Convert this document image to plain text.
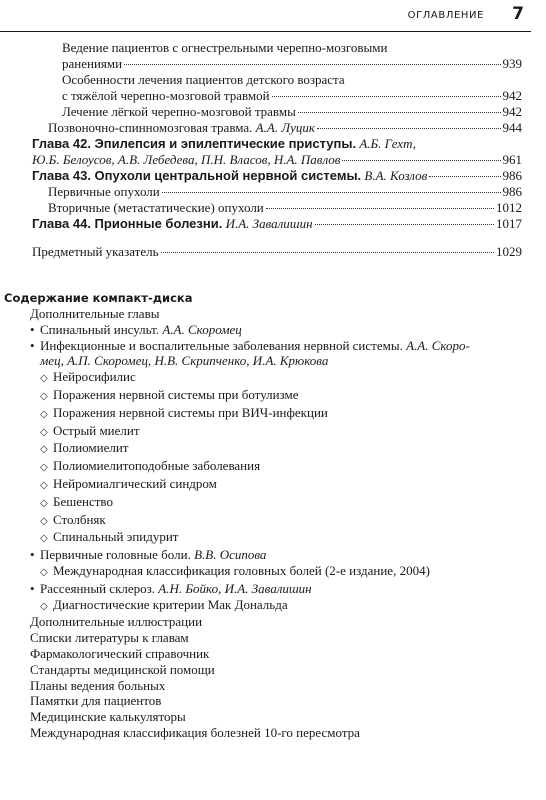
ОГЛАВЛЕНИЕ 7
Ведение пациентов с огнестрельными черепно-мозговыми
ранениями	939
Особенности лечения пациентов детского возраста
с тяжёлой черепно-мозговой травмой	942
Лечение лёгкой черепно-мозговой травмы	942
Позвоночно-спинномозговая травма. А.А. Луцик	944
Глава 42. Эпилепсия и эпилептические приступы. А.Б. Гехт,
Ю.Б. Белоусов, А.В. Лебедева, П.Н. Власов, Н.А. Павлов	961
Глава 43. Опухоли центральной нервной системы. В.А. Козлов	986
Первичные опухоли	986
Вторичные (метастатические) опухоли	1012
Глава 44. Прионные болезни. И.А. Завалишин	1017
Предметный указатель	1029
Содержание компакт-диска
Дополнительные главы
• Спинальный инсульт. А.А. Скоромец
• Инфекционные и воспалительные заболевания нервной системы. А.А. Скоро-
мец, А.П. Скоромец, Н.В. Скрипченко, И.А. Крюкова
◇ Нейросифилис
◇ Поражения нервной системы при ботулизме
◇ Поражения нервной системы при ВИЧ-инфекции
◇ Острый миелит
◇ Полиомиелит
◇ Полиомиелитоподобные заболевания
◇ Нейромиалгический синдром
◇ Бешенство
◇ Столбняк
◇ Спинальный эпидурит
• Первичные головные боли. В.В. Осипова
◇ Международная классификация головных болей (2-е издание, 2004)
• Рассеянный склероз. А.Н. Бойко, И.А. Завалишин
◇ Диагностические критерии Мак Дональда
Дополнительные иллюстрации
Списки литературы к главам
Фармакологический справочник
Стандарты медицинской помощи
Планы ведения больных
Памятки для пациентов
Медицинские калькуляторы
Международная классификация болезней 10-го пересмотра
